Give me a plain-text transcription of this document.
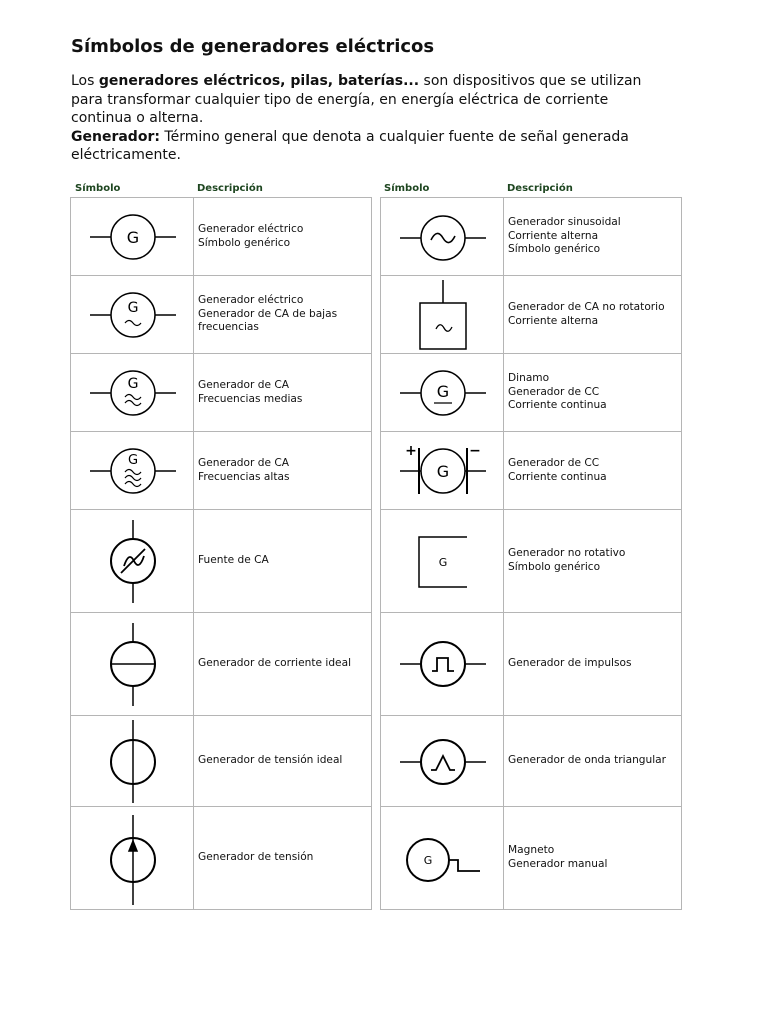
Símbolos de generadores eléctricos
Los generadores eléctricos, pilas, baterías... son dispositivos que se utilizan para transformar cualquier tipo de energía, en energía eléctrica de corriente continua o alterna.
Generador: Término general que denota a cualquier fuente de señal generada eléctricamente.
Símbolo	Descripción	Símbolo	Descripción
G	Generador eléctrico
Símbolo genérico

G	Generador eléctrico
Generador de CA de bajas
frecuencias

G	Generador de CA
Frecuencias medias

G	Generador de CA
Frecuencias altas

Fuente de CA

Generador de corriente ideal

Generador de tensión ideal

Generador de tensión

Generador sinusoidal
Corriente alterna
Símbolo genérico

Generador de CA no rotatorio
Corriente alterna

G	Dinamo
Generador de CC
Corriente continua

G
+ −	Generador de CC
Corriente continua

G	Generador no rotativo
Símbolo genérico

Generador de impulsos

Generador de onda triangular

G	Magneto
Generador manual
